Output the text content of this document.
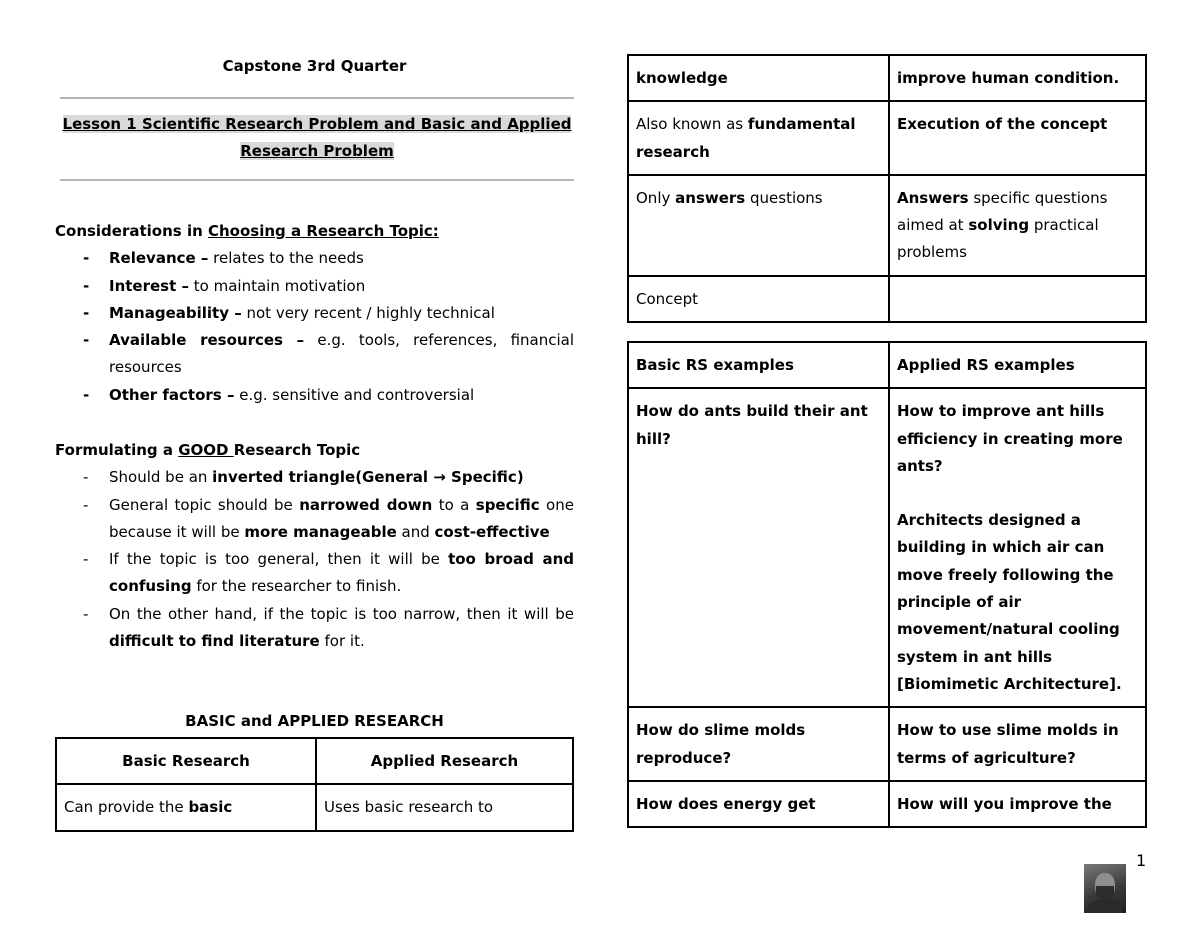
Capstone 3rd Quarter
Lesson 1 Scientific Research Problem and Basic and Applied
Research Problem
Considerations in Choosing a Research Topic:
- Relevance – relates to the needs
- Interest – to maintain motivation
- Manageability – not very recent / highly technical
- Available resources – e.g. tools, references, financial resources
- Other factors – e.g. sensitive and controversial
Formulating a GOOD Research Topic
- Should be an inverted triangle(General → Specific)
- General topic should be narrowed down to a specific one because it will be more manageable and cost-effective
- If the topic is too general, then it will be too broad and confusing for the researcher to finish.
- On the other hand, if the topic is too narrow, then it will be difficult to find literature for it.
BASIC and APPLIED RESEARCH
Basic Research	Applied Research
Can provide the basic	Uses basic research to
knowledge	improve human condition.
Also known as fundamental research	Execution of the concept
Only answers questions	Answers specific questions aimed at solving practical problems
Concept	
Basic RS examples	Applied RS examples
How do ants build their ant hill?	How to improve ant hills efficiency in creating more ants?
Architects designed a building in which air can move freely following the principle of air movement/natural cooling system in ant hills [Biomimetic Architecture].

How do slime molds reproduce?	How to use slime molds in terms of agriculture?
How does energy get	How will you improve the
1
